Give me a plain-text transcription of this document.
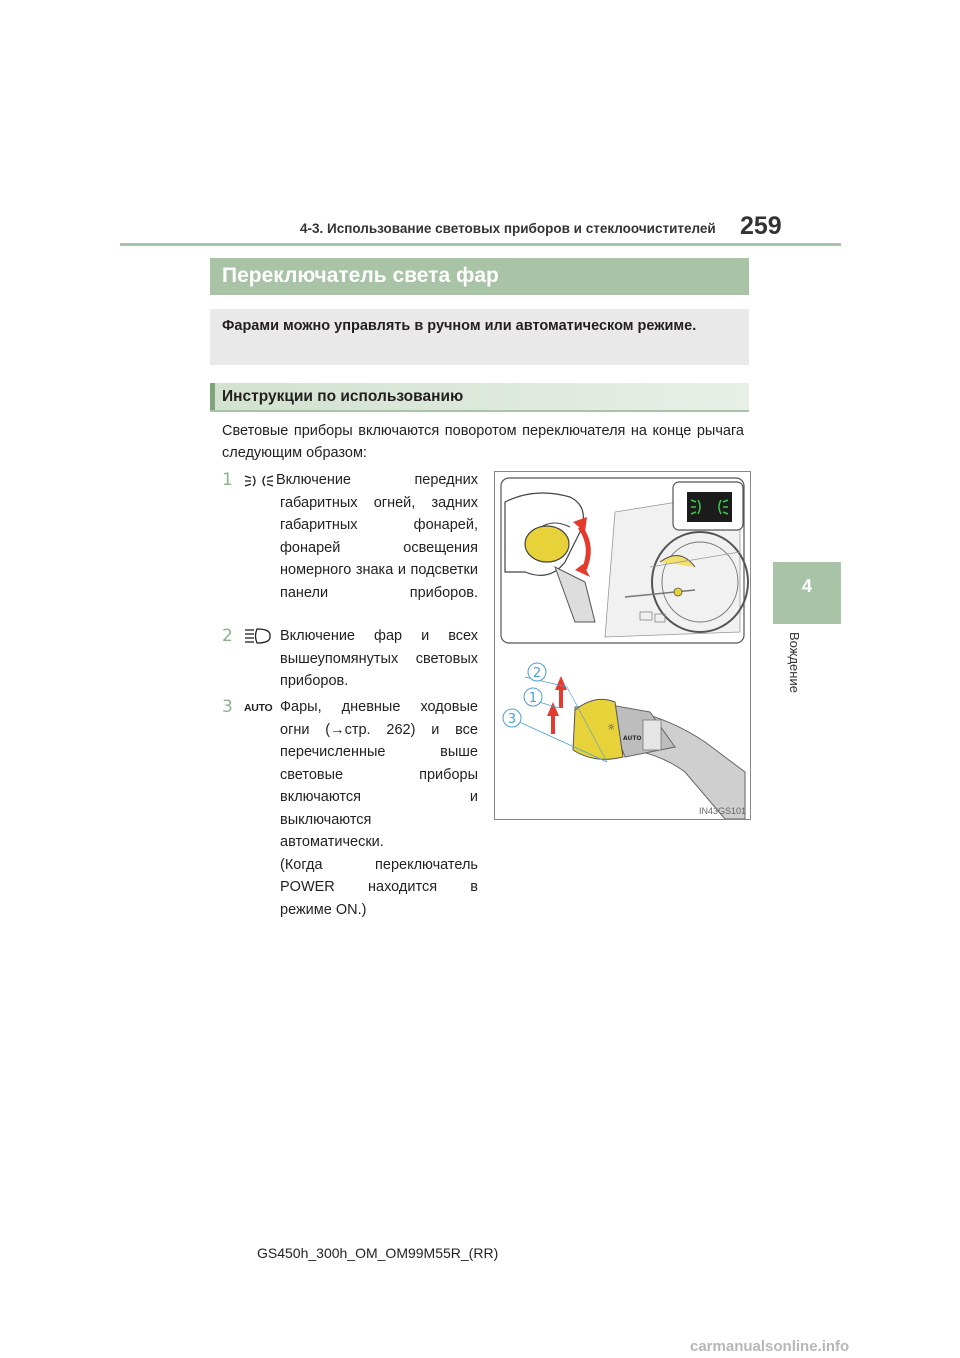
4-3. Использование световых приборов и стеклоочистителей 259
4
Вождение
Переключатель света фар
Фарами можно управлять в ручном или автоматическом режиме.
Инструкции по использованию
Световые приборы включаются поворотом переключателя на конце рычага следующим образом:
1	Включение передних габаритных огней, задних габаритных фонарей, фонарей освещения номерного знака и подсветки панели приборов.
2	Включение фар и всех вышеупомянутых световых приборов.
3 AUTO Фары, дневные ходовые
огни (→стр. 262) и все
перечисленные выше
световые приборы
включаются и
выключаются
автоматически.
(Когда переключатель
POWER находится в
режиме ON.)
☼
AUTO
2
1
3
IN43GS101
GS450h_300h_OM_OM99M55R_(RR)
carmanualsonline.info
